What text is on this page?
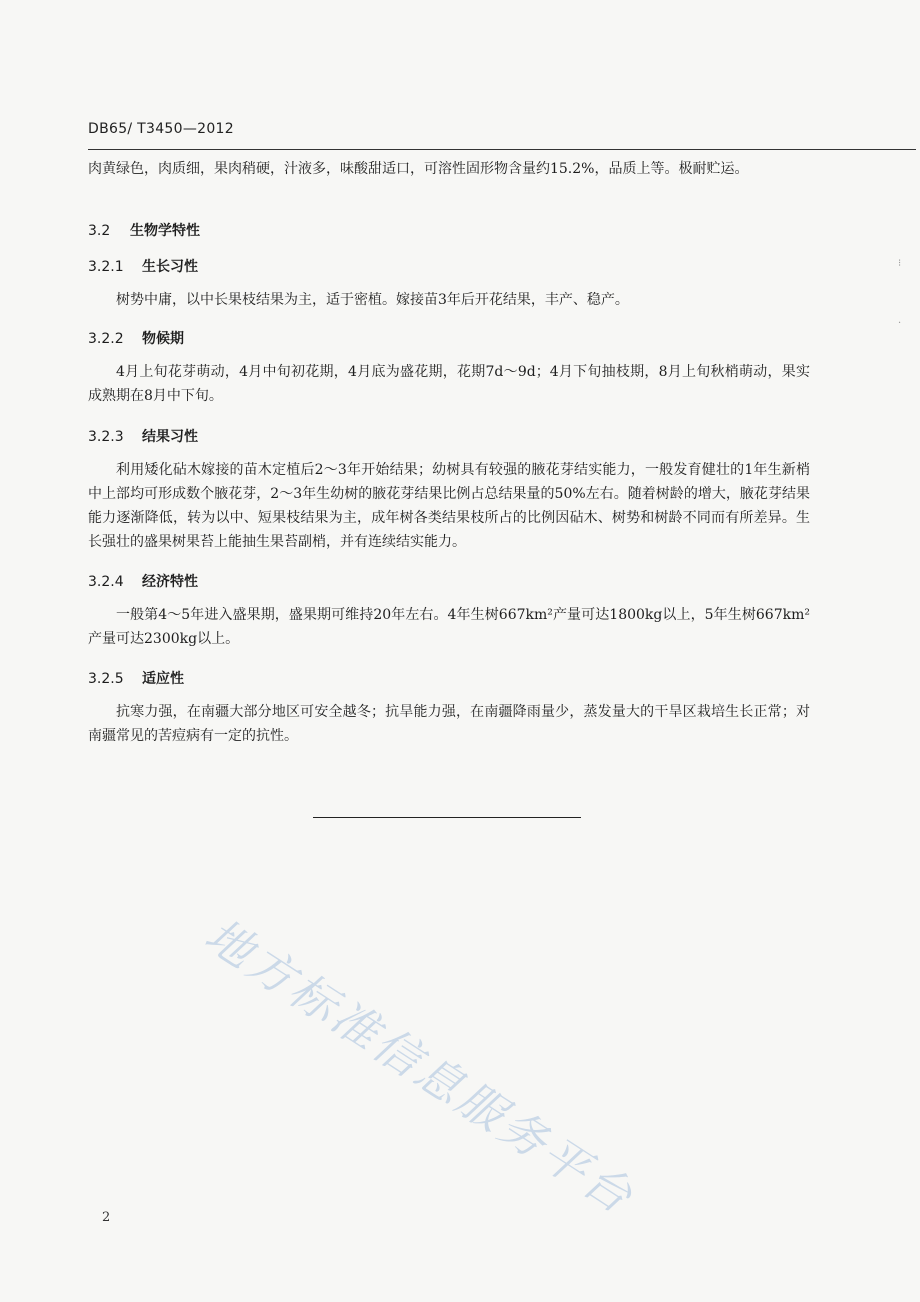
DB65/ T3450—2012

肉黄绿色，肉质细，果肉稍硬，汁液多，味酸甜适口，可溶性固形物含量约15.2%，品质上等。极耐贮运。

3.2 生物学特性
3.2.1 生长习性

树势中庸，以中长果枝结果为主，适于密植。嫁接苗3年后开花结果，丰产、稳产。

3.2.2 物候期

4月上旬花芽萌动，4月中旬初花期，4月底为盛花期，花期7d～9d；4月下旬抽枝期，8月上旬秋梢萌动，果实成熟期在8月中下旬。

3.2.3 结果习性

利用矮化砧木嫁接的苗木定植后2～3年开始结果；幼树具有较强的腋花芽结实能力，一般发育健壮的1年生新梢中上部均可形成数个腋花芽，2～3年生幼树的腋花芽结果比例占总结果量的50%左右。随着树龄的增大，腋花芽结果能力逐渐降低，转为以中、短果枝结果为主，成年树各类结果枝所占的比例因砧木、树势和树龄不同而有所差异。生长强壮的盛果树果苔上能抽生果苔副梢，并有连续结实能力。

3.2.4 经济特性

一般第4～5年进入盛果期，盛果期可维持20年左右。4年生树667km²产量可达1800kg以上，5年生树667km²产量可达2300kg以上。

3.2.5 适应性

抗寒力强，在南疆大部分地区可安全越冬；抗旱能力强，在南疆降雨量少，蒸发量大的干旱区栽培生长正常；对南疆常见的苦痘病有一定的抗性。

地方标准信息服务平台
⁝
·
2
